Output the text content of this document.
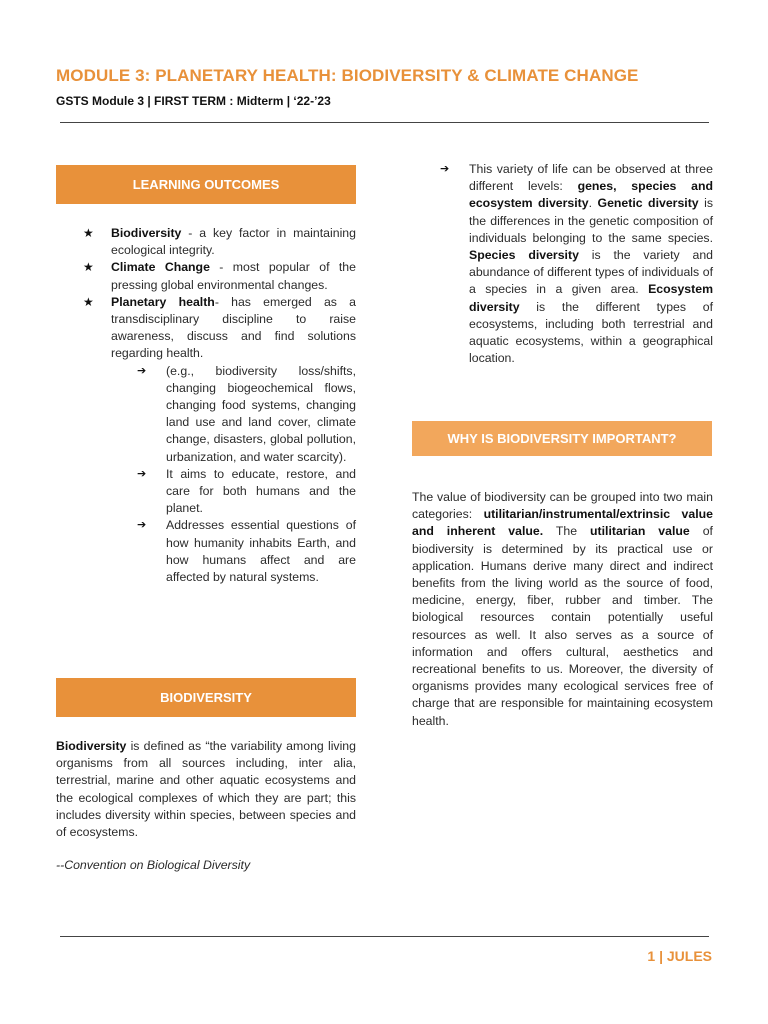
MODULE 3: PLANETARY HEALTH: BIODIVERSITY & CLIMATE CHANGE

GSTS Module 3 | FIRST TERM : Midterm | ‘22-’23

LEARNING OUTCOMES
★ Biodiversity - a key factor in maintaining ecological integrity.
★ Climate Change - most popular of the pressing global environmental changes.
★ Planetary health- has emerged as a transdisciplinary discipline to raise awareness, discuss and find solutions regarding health.
➔ (e.g., biodiversity loss/shifts, changing biogeochemical flows, changing food systems, changing land use and land cover, climate change, disasters, global pollution, urbanization, and water scarcity).
➔ It aims to educate, restore, and care for both humans and the planet.
➔ Addresses essential questions of how humanity inhabits Earth, and how humans affect and are affected by natural systems.
BIODIVERSITY

Biodiversity is defined as “the variability among living organisms from all sources including, inter alia, terrestrial, marine and other aquatic ecosystems and the ecological complexes of which they are part; this includes diversity within species, between species and of ecosystems.

--Convention on Biological Diversity

➔ This variety of life can be observed at three different levels: genes, species and ecosystem diversity. Genetic diversity is the differences in the genetic composition of individuals belonging to the same species. Species diversity is the variety and abundance of different types of individuals of a species in a given area. Ecosystem diversity is the different types of ecosystems, including both terrestrial and aquatic ecosystems, within a geographical location.
WHY IS BIODIVERSITY IMPORTANT?

The value of biodiversity can be grouped into two main categories: utilitarian/instrumental/extrinsic value and inherent value. The utilitarian value of biodiversity is determined by its practical use or application. Humans derive many direct and indirect benefits from the living world as the source of food, medicine, energy, fiber, rubber and timber. The biological resources contain potentially useful resources as well. It also serves as a source of information and offers cultural, aesthetics and recreational benefits to us. Moreover, the diversity of organisms provides many ecological services free of charge that are responsible for maintaining ecosystem health.

1 | JULES
